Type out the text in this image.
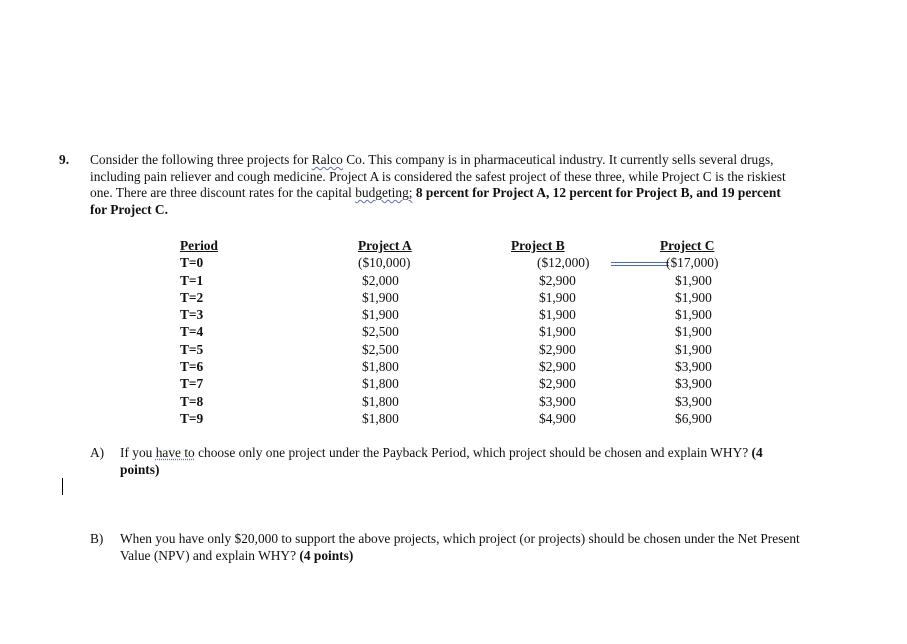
9. Consider the following three projects for Ralco Co. This company is in pharmaceutical industry. It currently sells several drugs, including pain reliever and cough medicine. Project A is considered the safest project of these three, while Project C is the riskiest one. There are three discount rates for the capital budgeting; 8 percent for Project A, 12 percent for Project B, and 19 percent for Project C.
Period
T=0
T=1
T=2
T=3
T=4
T=5
T=6
T=7
T=8
T=9
Project A
($10,000)
$2,000
$1,900
$1,900
$2,500
$2,500
$1,800
$1,800
$1,800
$1,800
Project B
($12,000)
$2,900
$1,900
$1,900
$1,900
$2,900
$2,900
$2,900
$3,900
$4,900
Project C
($17,000)
$1,900
$1,900
$1,900
$1,900
$1,900
$3,900
$3,900
$3,900
$6,900
A) If you have to choose only one project under the Payback Period, which project should be chosen and explain WHY? (4 points)
B) When you have only $20,000 to support the above projects, which project (or projects) should be chosen under the Net Present Value (NPV) and explain WHY? (4 points)
